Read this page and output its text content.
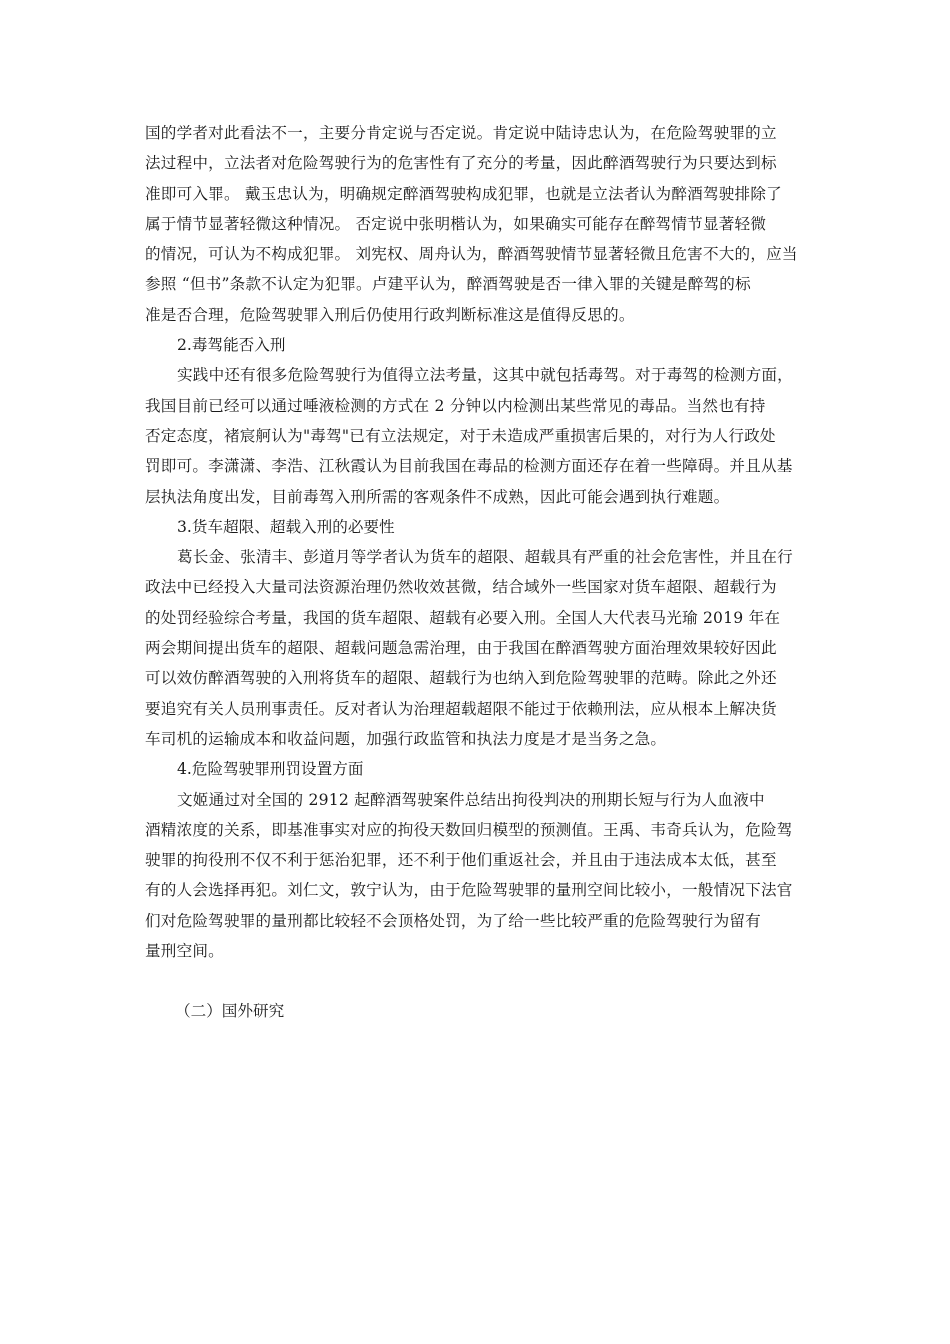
国的学者对此看法不一，主要分肯定说与否定说。肯定说中陆诗忠认为，在危险驾驶罪的立
法过程中，立法者对危险驾驶行为的危害性有了充分的考量，因此醉酒驾驶行为只要达到标
准即可入罪。 戴玉忠认为，明确规定醉酒驾驶构成犯罪，也就是立法者认为醉酒驾驶排除了
属于情节显著轻微这种情况。 否定说中张明楷认为，如果确实可能存在醉驾情节显著轻微
的情况，可认为不构成犯罪。 刘宪权、周舟认为，醉酒驾驶情节显著轻微且危害不大的，应当
参照 “但书”条款不认定为犯罪。卢建平认为，醉酒驾驶是否一律入罪的关键是醉驾的标
准是否合理，危险驾驶罪入刑后仍使用行政判断标准这是值得反思的。

2.毒驾能否入刑

实践中还有很多危险驾驶行为值得立法考量，这其中就包括毒驾。对于毒驾的检测方面，
我国目前已经可以通过唾液检测的方式在 2 分钟以内检测出某些常见的毒品。当然也有持
否定态度，褚宸舸认为"毒驾"已有立法规定，对于未造成严重损害后果的，对行为人行政处
罚即可。李潇潇、李浩、江秋霞认为目前我国在毒品的检测方面还存在着一些障碍。并且从基
层执法角度出发，目前毒驾入刑所需的客观条件不成熟，因此可能会遇到执行难题。

3.货车超限、超载入刑的必要性

葛长金、张清丰、彭道月等学者认为货车的超限、超载具有严重的社会危害性，并且在行
政法中已经投入大量司法资源治理仍然收效甚微，结合域外一些国家对货车超限、超载行为
的处罚经验综合考量，我国的货车超限、超载有必要入刑。全国人大代表马光瑜 2019 年在
两会期间提出货车的超限、超载问题急需治理，由于我国在醉酒驾驶方面治理效果较好因此
可以效仿醉酒驾驶的入刑将货车的超限、超载行为也纳入到危险驾驶罪的范畴。除此之外还
要追究有关人员刑事责任。反对者认为治理超载超限不能过于依赖刑法，应从根本上解决货
车司机的运输成本和收益问题，加强行政监管和执法力度是才是当务之急。

4.危险驾驶罪刑罚设置方面

文姬通过对全国的 2912 起醉酒驾驶案件总结出拘役判决的刑期长短与行为人血液中
酒精浓度的关系，即基准事实对应的拘役天数回归模型的预测值。王禹、韦奇兵认为，危险驾
驶罪的拘役刑不仅不利于惩治犯罪，还不利于他们重返社会，并且由于违法成本太低，甚至
有的人会选择再犯。刘仁文，敦宁认为，由于危险驾驶罪的量刑空间比较小，一般情况下法官
们对危险驾驶罪的量刑都比较轻不会顶格处罚，为了给一些比较严重的危险驾驶行为留有
量刑空间。

（二）国外研究
